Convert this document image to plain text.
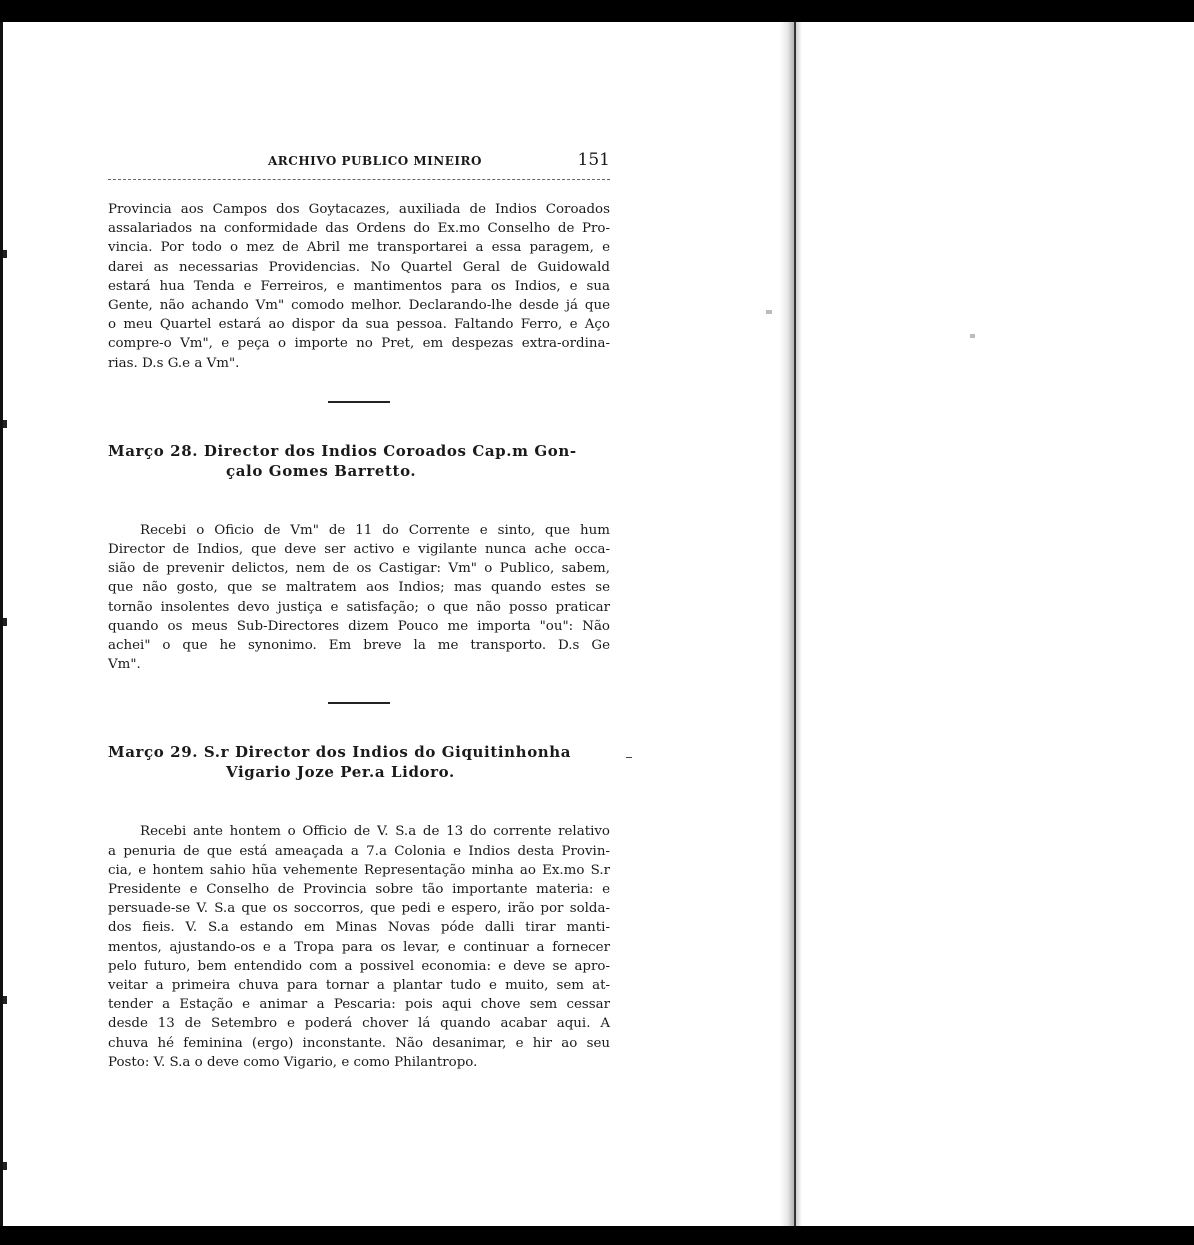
ARCHIVO PUBLICO MINEIRO	151

Provincia aos Campos dos Goytacazes, auxiliada de Indios Coroados
assalariados na conformidade das Ordens do Ex.mo Conselho de Pro-
vincia. Por todo o mez de Abril me transportarei a essa paragem, e
darei as necessarias Providencias. No Quartel Geral de Guidowald
estará hua Tenda e Ferreiros, e mantimentos para os Indios, e sua
Gente, não achando Vm" comodo melhor. Declarando-lhe desde já que
o meu Quartel estará ao dispor da sua pessoa. Faltando Ferro, e Aço
compre-o Vm", e peça o importe no Pret, em despezas extra-ordina-
rias. D.s G.e a Vm".

Março 28. Director dos Indios Coroados Cap.m Gon-
çalo Gomes Barretto.

Recebi o Oficio de Vm" de 11 do Corrente e sinto, que hum
Director de Indios, que deve ser activo e vigilante nunca ache occa-
sião de prevenir delictos, nem de os Castigar: Vm" o Publico, sabem,
que não gosto, que se maltratem aos Indios; mas quando estes se
tornão insolentes devo justiça e satisfação; o que não posso praticar
quando os meus Sub-Directores dizem Pouco me importa "ou": Não
achei" o que he synonimo. Em breve la me transporto. D.s Ge
Vm".

Março 29. S.r Director dos Indios do Giquitinhonha
Vigario Joze Per.a Lidoro.

Recebi ante hontem o Officio de V. S.a de 13 do corrente relativo
a penuria de que está ameaçada a 7.a Colonia e Indios desta Provin-
cia, e hontem sahio hũa vehemente Representação minha ao Ex.mo S.r
Presidente e Conselho de Provincia sobre tão importante materia: e
persuade-se V. S.a que os soccorros, que pedi e espero, irão por solda-
dos fieis. V. S.a estando em Minas Novas póde dalli tirar manti-
mentos, ajustando-os e a Tropa para os levar, e continuar a fornecer
pelo futuro, bem entendido com a possivel economia: e deve se apro-
veitar a primeira chuva para tornar a plantar tudo e muito, sem at-
tender a Estação e animar a Pescaria: pois aqui chove sem cessar
desde 13 de Setembro e poderá chover lá quando acabar aqui. A
chuva hé feminina (ergo) inconstante. Não desanimar, e hir ao seu
Posto: V. S.a o deve como Vigario, e como Philantropo.
